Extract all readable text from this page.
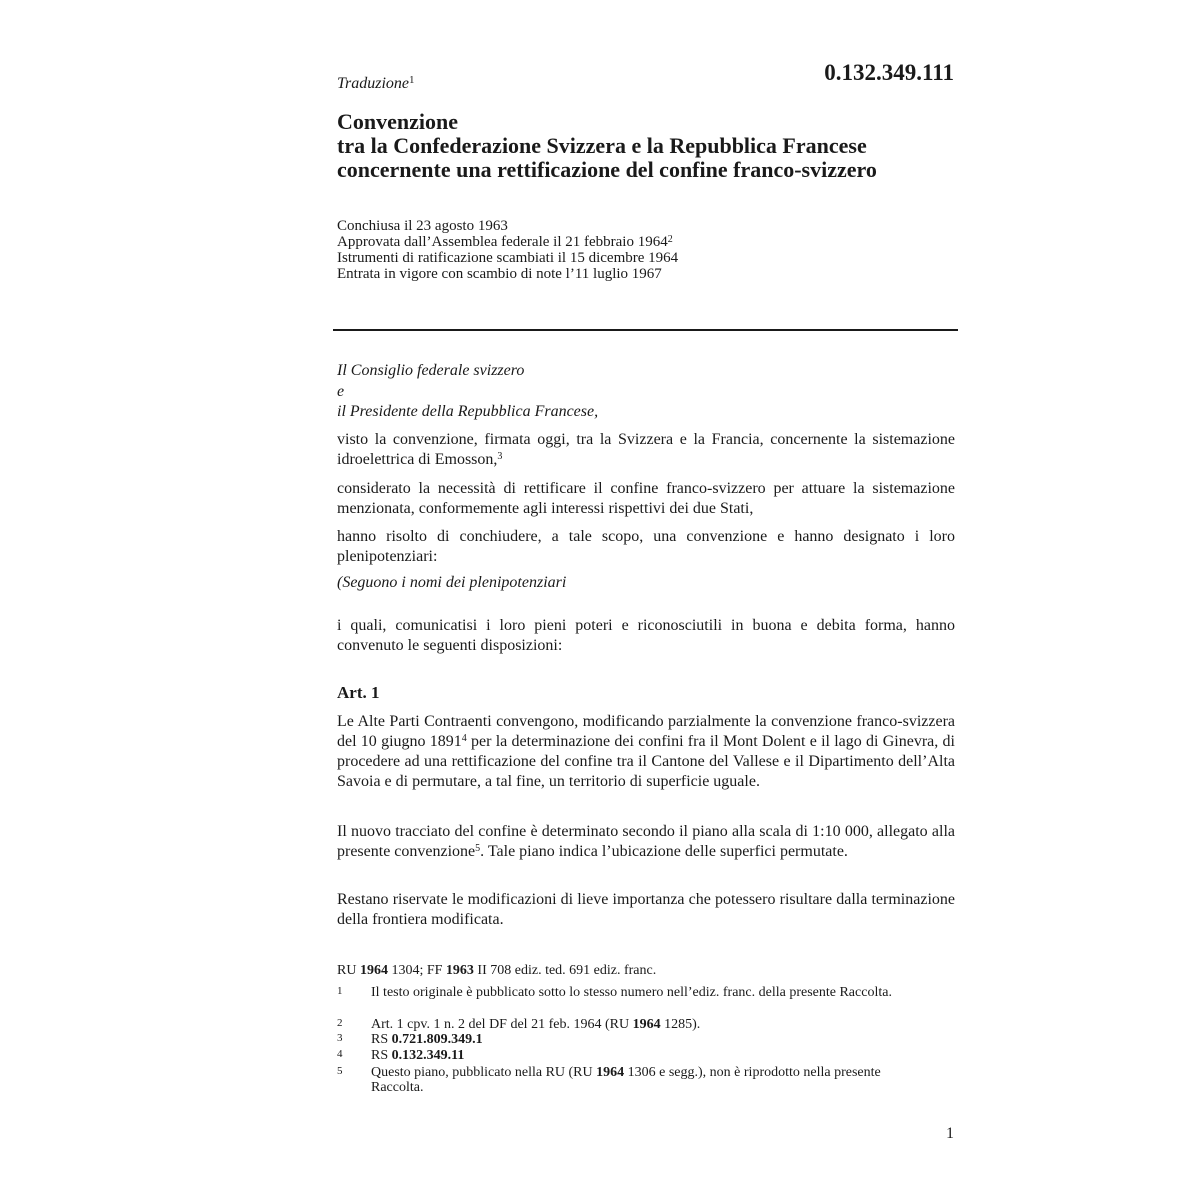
Traduzione$^1$	0.132.349.111
Convenzione
tra la Confederazione Svizzera e la Repubblica Francese
concernente una rettificazione del confine franco-svizzero
Conchiusa il 23 agosto 1963
Approvata dall’Assemblea federale il 21 febbraio 1964$^2$
Istrumenti di ratificazione scambiati il 15 dicembre 1964
Entrata in vigore con scambio di note l’11 luglio 1967
Il Consiglio federale svizzero
e
il Presidente della Repubblica Francese,
visto la convenzione, firmata oggi, tra la Svizzera e la Francia, concernente la sistemazione idroelettrica di Emosson,$^3$
considerato la necessità di rettificare il confine franco-svizzero per attuare la sistemazione menzionata, conformemente agli interessi rispettivi dei due Stati,
hanno risolto di conchiudere, a tale scopo, una convenzione e hanno designato i loro plenipotenziari:
(Seguono i nomi dei plenipotenziari
i quali, comunicatisi i loro pieni poteri e riconosciutili in buona e debita forma, hanno convenuto le seguenti disposizioni:
Art. 1
Le Alte Parti Contraenti convengono, modificando parzialmente la convenzione franco-svizzera del 10 giugno 1891$^4$ per la determinazione dei confini fra il Mont Dolent e il lago di Ginevra, di procedere ad una rettificazione del confine tra il Cantone del Vallese e il Dipartimento dell’Alta Savoia e di permutare, a tal fine, un territorio di superficie uguale.
Il nuovo tracciato del confine è determinato secondo il piano alla scala di 1:10 000, allegato alla presente convenzione$^5$. Tale piano indica l’ubicazione delle superfici permutate.
Restano riservate le modificazioni di lieve importanza che potessero risultare dalla terminazione della frontiera modificata.
RU 1964 1304; FF 1963 II 708 ediz. ted. 691 ediz. franc.
1	Il testo originale è pubblicato sotto lo stesso numero nell’ediz. franc. della presente Raccolta.
2	Art. 1 cpv. 1 n. 2 del DF del 21 feb. 1964 (RU 1964 1285).
3	RS 0.721.809.349.1
4	RS 0.132.349.11
5	Questo piano, pubblicato nella RU (RU 1964 1306 e segg.), non è riprodotto nella presente Raccolta.
1
